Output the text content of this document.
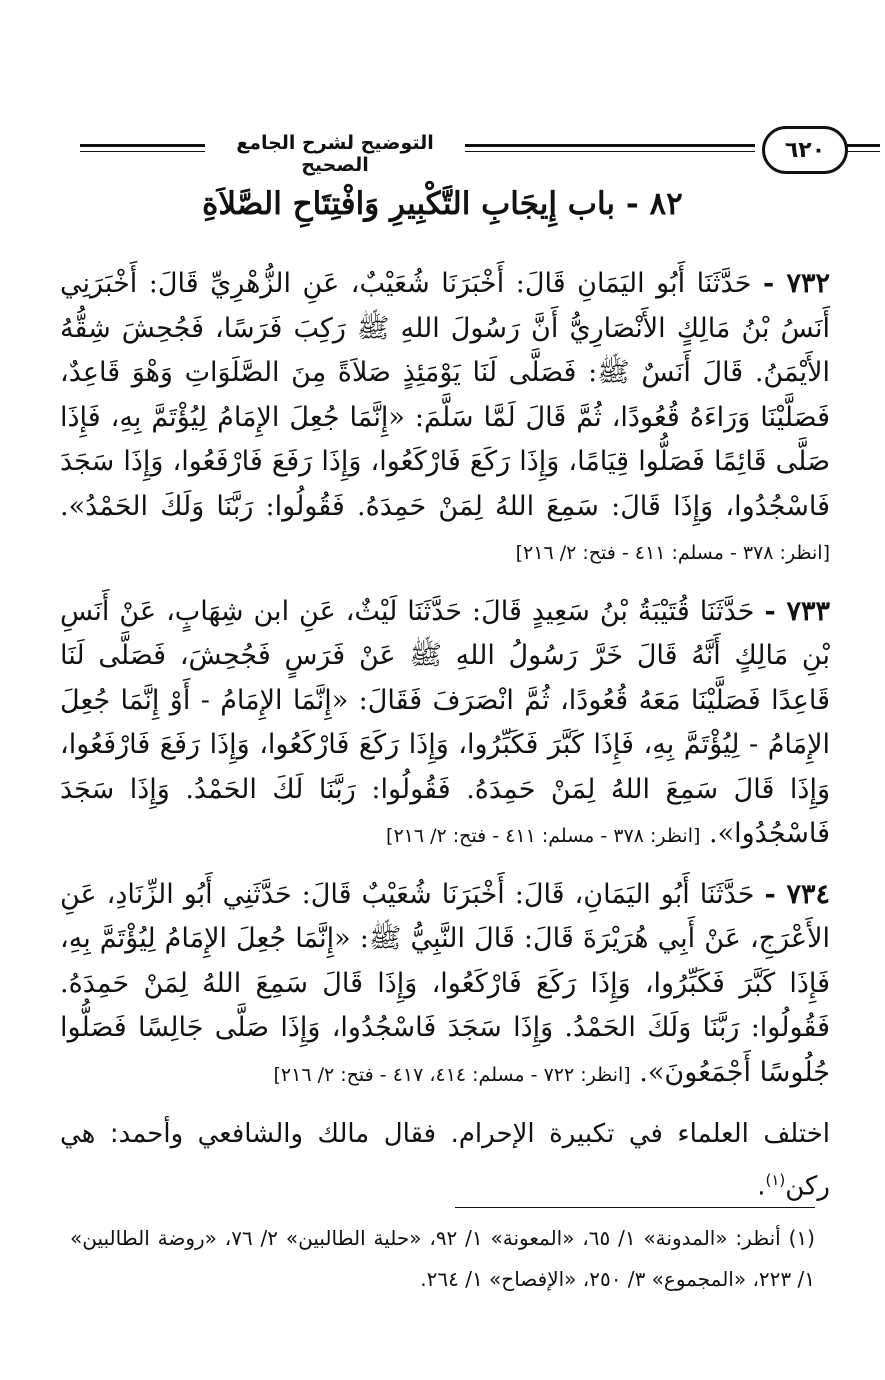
٦٢٠
التوضيح لشرح الجامع الصحيح
٨٢ - باب إِيجَابِ التَّكْبِيرِ وَافْتِتَاحِ الصَّلاَةِ

٧٣٢ - حَدَّثَنَا أَبُو اليَمَانِ قَالَ: أَخْبَرَنَا شُعَيْبٌ، عَنِ الزُّهْرِيِّ قَالَ: أَخْبَرَنِي أَنَسُ بْنُ مَالِكٍ الأَنْصَارِيُّ أَنَّ رَسُولَ اللهِ ﷺ رَكِبَ فَرَسًا، فَجُحِشَ شِقُّهُ الأَيْمَنُ. قَالَ أَنَسٌ ﷺ: فَصَلَّى لَنَا يَوْمَئِذٍ صَلاَةً مِنَ الصَّلَوَاتِ وَهْوَ قَاعِدٌ، فَصَلَّيْنَا وَرَاءَهُ قُعُودًا، ثُمَّ قَالَ لَمَّا سَلَّمَ: «إِنَّمَا جُعِلَ الإِمَامُ لِيُؤْتَمَّ بِهِ، فَإِذَا صَلَّى قَائِمًا فَصَلُّوا قِيَامًا، وَإِذَا رَكَعَ فَارْكَعُوا، وَإِذَا رَفَعَ فَارْفَعُوا، وَإِذَا سَجَدَ فَاسْجُدُوا، وَإِذَا قَالَ: سَمِعَ اللهُ لِمَنْ حَمِدَهُ. فَقُولُوا: رَبَّنَا وَلَكَ الحَمْدُ». [انظر: ٣٧٨ - مسلم: ٤١١ - فتح: ٢/ ٢١٦]

٧٣٣ - حَدَّثَنَا قُتَيْبَةُ بْنُ سَعِيدٍ قَالَ: حَدَّثَنَا لَيْثٌ، عَنِ ابن شِهَابٍ، عَنْ أَنَسِ بْنِ مَالِكٍ أَنَّهُ قَالَ خَرَّ رَسُولُ اللهِ ﷺ عَنْ فَرَسٍ فَجُحِشَ، فَصَلَّى لَنَا قَاعِدًا فَصَلَّيْنَا مَعَهُ قُعُودًا، ثُمَّ انْصَرَفَ فَقَالَ: «إِنَّمَا الإِمَامُ - أَوْ إِنَّمَا جُعِلَ الإِمَامُ - لِيُؤْتَمَّ بِهِ، فَإِذَا كَبَّرَ فَكَبِّرُوا، وَإِذَا رَكَعَ فَارْكَعُوا، وَإِذَا رَفَعَ فَارْفَعُوا، وَإِذَا قَالَ سَمِعَ اللهُ لِمَنْ حَمِدَهُ. فَقُولُوا: رَبَّنَا لَكَ الحَمْدُ. وَإِذَا سَجَدَ فَاسْجُدُوا». [انظر: ٣٧٨ - مسلم: ٤١١ - فتح: ٢/ ٢١٦]

٧٣٤ - حَدَّثَنَا أَبُو اليَمَانِ، قَالَ: أَخْبَرَنَا شُعَيْبٌ قَالَ: حَدَّثَنِي أَبُو الزِّنَادِ، عَنِ الأَعْرَجِ، عَنْ أَبِي هُرَيْرَةَ قَالَ: قَالَ النَّبِيُّ ﷺ: «إِنَّمَا جُعِلَ الإِمَامُ لِيُؤْتَمَّ بِهِ، فَإِذَا كَبَّرَ فَكَبِّرُوا، وَإِذَا رَكَعَ فَارْكَعُوا، وَإِذَا قَالَ سَمِعَ اللهُ لِمَنْ حَمِدَهُ. فَقُولُوا: رَبَّنَا وَلَكَ الحَمْدُ. وَإِذَا سَجَدَ فَاسْجُدُوا، وَإِذَا صَلَّى جَالِسًا فَصَلُّوا جُلُوسًا أَجْمَعُونَ». [انظر: ٧٢٢ - مسلم: ٤١٤، ٤١٧ - فتح: ٢/ ٢١٦]

اختلف العلماء في تكبيرة الإحرام. فقال مالك والشافعي وأحمد: هي ركن$^{(١)}$.

(١) أنظر: «المدونة» ١/ ٦٥، «المعونة» ١/ ٩٢، «حلية الطالبين» ٢/ ٧٦، «روضة الطالبين» ١/ ٢٢٣، «المجموع» ٣/ ٢٥٠، «الإفصاح» ١/ ٢٦٤.
